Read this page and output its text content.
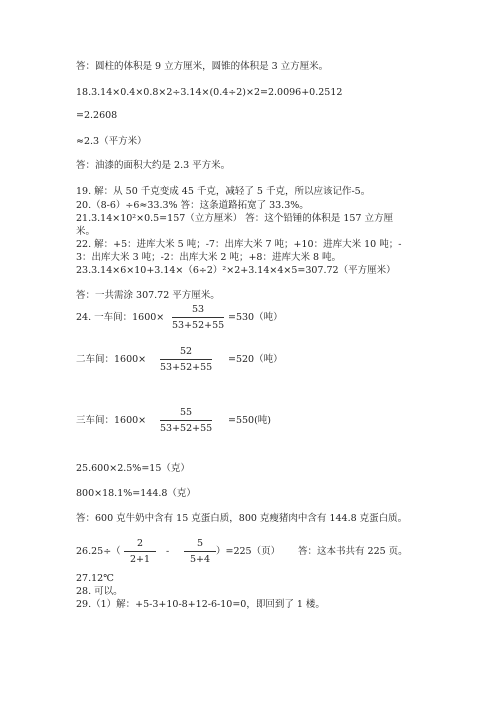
答：圆柱的体积是 9 立方厘米，圆锥的体积是 3 立方厘米。
18.3.14×0.4×0.8×2÷3.14×(0.4÷2)×2=2.0096+0.2512
=2.2608
≈2.3（平方米）
答：油漆的面积大约是 2.3 平方米。
19. 解：从 50 千克变成 45 千克，减轻了 5 千克，所以应该记作-5。
20.（8-6）÷6≈33.3% 答：这条道路拓宽了 33.3%。
21.3.14×10²×0.5=157（立方厘米） 答：这个铅锤的体积是 157 立方厘
米。
22. 解：+5：进库大米 5 吨；-7：出库大米 7 吨；+10：进库大米 10 吨；-
3：出库大米 3 吨；-2：出库大米 2 吨；+8：进库大米 8 吨。
23.3.14×6×10+3.14×（6÷2）²×2+3.14×4×5=307.72（平方厘米）
答：一共需涂 307.72 平方厘米。
24. 一车间：1600×
53
53+52+55
=530（吨）
二车间：1600×
52
53+52+55
=520（吨）
三车间：1600×
55
53+52+55
=550(吨)
25.600×2.5%=15（克）
800×18.1%=144.8（克）
答：600 克牛奶中含有 15 克蛋白质，800 克瘦猪肉中含有 144.8 克蛋白质。
26.25÷（
2
2+1
-
5
5+4
）=225（页） 答：这本书共有 225 页。
27.12℃
28. 可以。
29.（1）解：+5-3+10-8+12-6-10=0，即回到了 1 楼。
